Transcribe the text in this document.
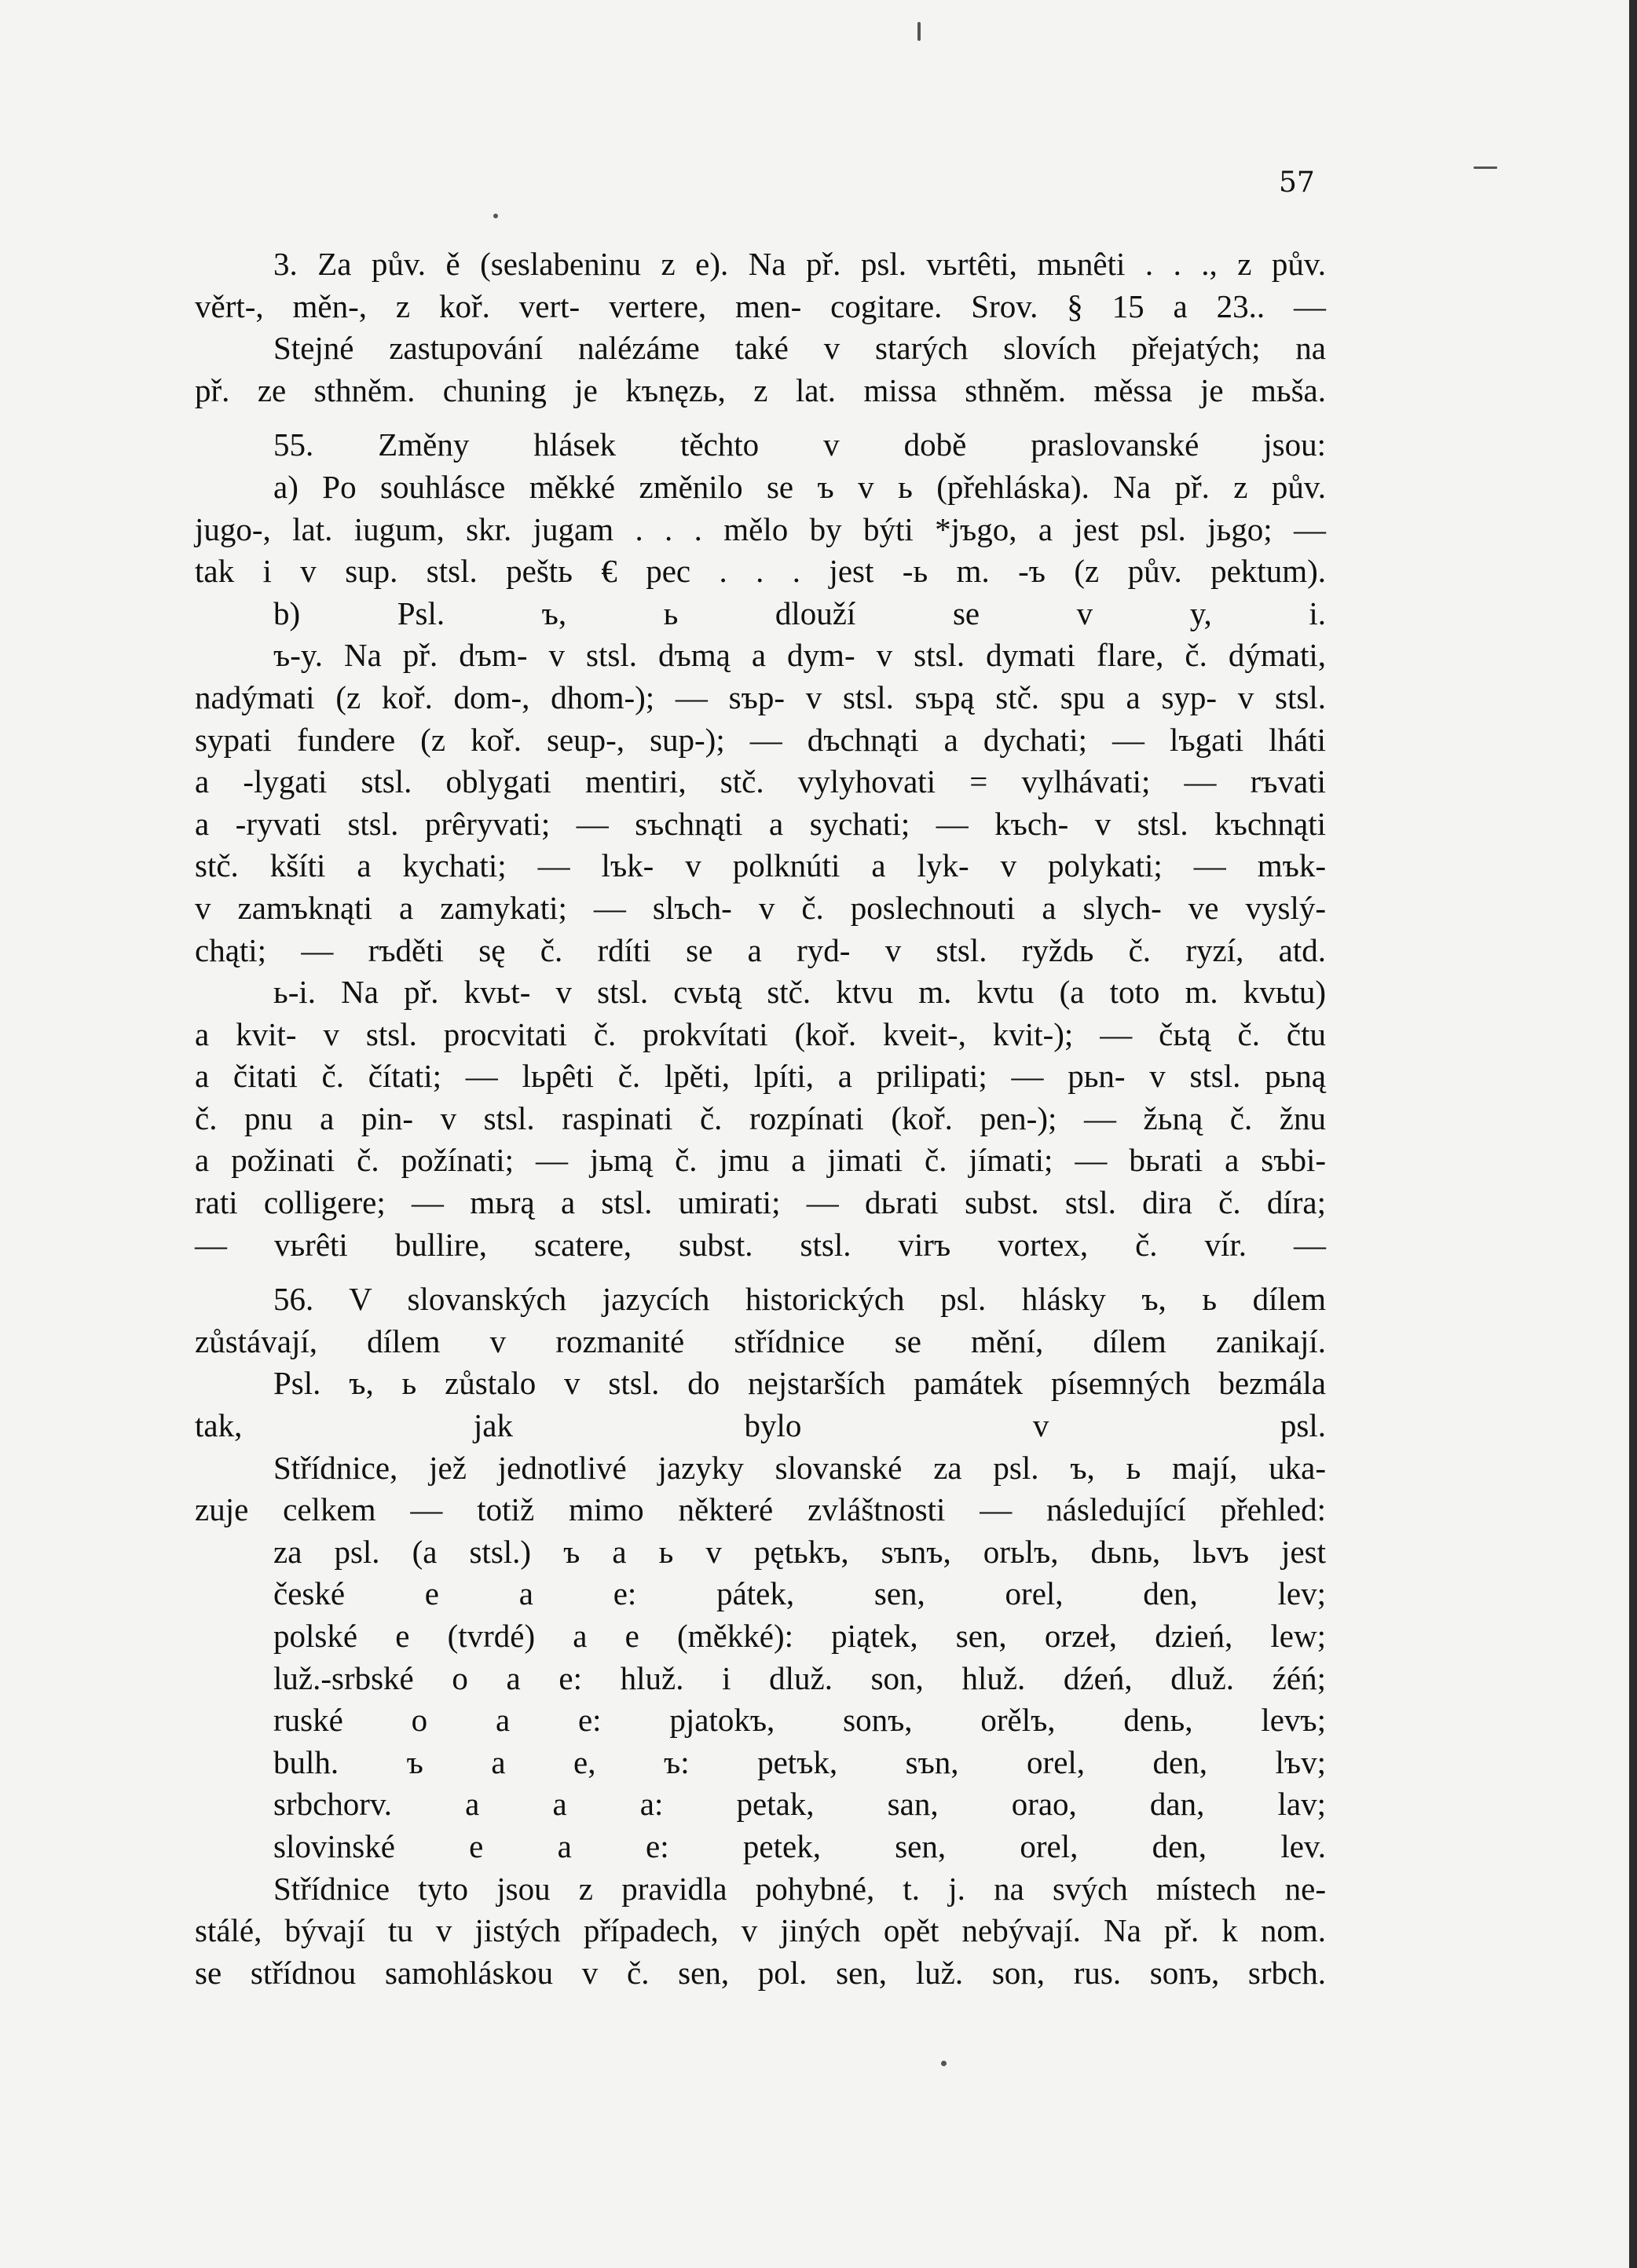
57
3. Za pův. ě (seslabeninu z e). Na př. psl. vьrtêti, mьnêti . . ., z pův.
věrt-, měn-, z koř. vert- vertere, men- cogitare. Srov. § 15 a 23.. —
Stejné zastupování nalézáme také v starých slovích přejatých; na
př. ze sthněm. chuning je kъnęzь, z lat. missa sthněm. měssa je mьša.
55. Změny hlásek těchto v době praslovanské jsou:
a) Po souhlásce měkké změnilo se ъ v ь (přehláska). Na př. z pův.
jugo-, lat. iugum, skr. jugam . . . mělo by býti *jъgo, a jest psl. jьgo; —
tak i v sup. stsl. peštь € pec . . . jest -ь m. -ъ (z pův. pektum).
b) Psl. ъ, ь dlouží se v y, i.
ъ-y. Na př. dъm- v stsl. dъmą a dym- v stsl. dymati flare, č. dýmati,
nadýmati (z koř. dom-, dhom-); — sъp- v stsl. sъpą stč. spu a syp- v stsl.
sypati fundere (z koř. seup-, sup-); — dъchnąti a dychati; — lъgati lháti
a -lygati stsl. oblygati mentiri, stč. vylyhovati = vylhávati; — rъvati
a -ryvati stsl. prêryvati; — sъchnąti a sychati; — kъch- v stsl. kъchnąti
stč. kšíti a kychati; — lъk- v polknúti a lyk- v polykati; — mъk-
v zamъknąti a zamykati; — slъch- v č. poslechnouti a slych- ve vyslý-
chąti; — rъděti sę č. rdíti se a ryd- v stsl. ryždь č. ryzí, atd.
ь-i. Na př. kvьt- v stsl. cvьtą stč. ktvu m. kvtu (a toto m. kvьtu)
a kvit- v stsl. procvitati č. prokvítati (koř. kveit-, kvit-); — čьtą č. čtu
a čitati č. čítati; — lьpêti č. lpěti, lpíti, a prilipati; — pьn- v stsl. pьną
č. pnu a pin- v stsl. raspinati č. rozpínati (koř. pen-); — žьną č. žnu
a požinati č. požínati; — jьmą č. jmu a jimati č. jímati; — bьrati a sъbi-
rati colligere; — mьrą a stsl. umirati; — dьrati subst. stsl. dira č. díra;
— vьrêti bullire, scatere, subst. stsl. virъ vortex, č. vír. —
56. V slovanských jazycích historických psl. hlásky ъ, ь dílem
zůstávají, dílem v rozmanité střídnice se mění, dílem zanikají.
Psl. ъ, ь zůstalo v stsl. do nejstarších památek písemných bezmála
tak, jak bylo v psl.
Střídnice, jež jednotlivé jazyky slovanské za psl. ъ, ь mají, uka-
zuje celkem — totiž mimo některé zvláštnosti — následující přehled:
za psl. (a stsl.) ъ a ь v pętьkъ, sъnъ, orьlъ, dьnь, lьvъ jest
české e a e: pátek, sen, orel, den, lev;
polské e (tvrdé) a e (měkké): piątek, sen, orzeł, dzień, lew;
luž.-srbské o a e: hluž. i dluž. son, hluž. dźeń, dluž. źéń;
ruské o a e: pjatokъ, sonъ, orělъ, denь, levъ;
bulh. ъ a e, ъ: petъk, sъn, orel, den, lъv;
srbchorv. a a a: petak, san, orao, dan, lav;
slovinské e a e: petek, sen, orel, den, lev.
Střídnice tyto jsou z pravidla pohybné, t. j. na svých místech ne-
stálé, bývají tu v jistých případech, v jiných opět nebývají. Na př. k nom.
se střídnou samohláskou v č. sen, pol. sen, luž. son, rus. sonъ, srbch.
